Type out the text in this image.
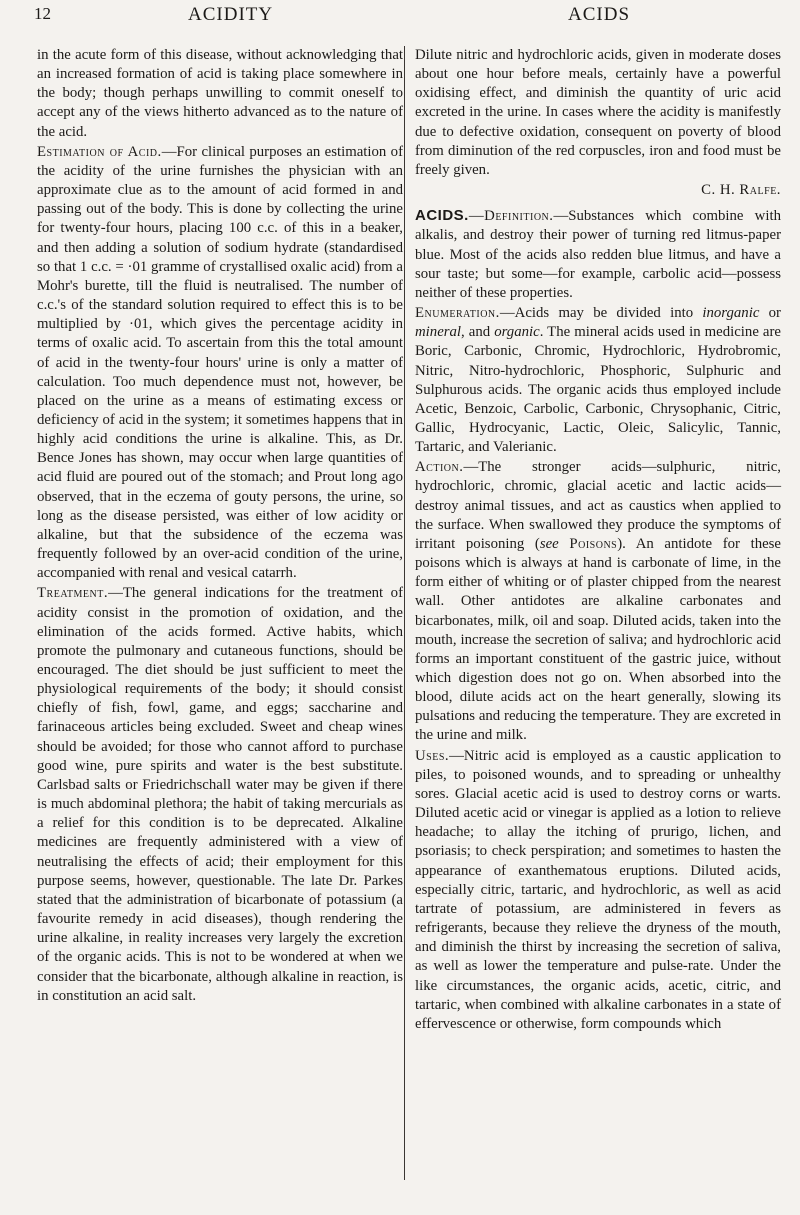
12	ACIDITY	ACIDS

in the acute form of this disease, without acknowledging that an increased formation of acid is taking place somewhere in the body; though perhaps unwilling to commit oneself to accept any of the views hitherto advanced as to the nature of the acid.

Estimation of Acid.—For clinical purposes an estimation of the acidity of the urine furnishes the physician with an approximate clue as to the amount of acid formed in and passing out of the body. This is done by collecting the urine for twenty-four hours, placing 100 c.c. of this in a beaker, and then adding a solution of sodium hydrate (standardised so that 1 c.c. = ·01 gramme of crystallised oxalic acid) from a Mohr's burette, till the fluid is neutralised. The number of c.c.'s of the standard solution required to effect this is to be multiplied by ·01, which gives the percentage acidity in terms of oxalic acid. To ascertain from this the total amount of acid in the twenty-four hours' urine is only a matter of calculation. Too much dependence must not, however, be placed on the urine as a means of estimating excess or deficiency of acid in the system; it sometimes happens that in highly acid conditions the urine is alkaline. This, as Dr. Bence Jones has shown, may occur when large quantities of acid fluid are poured out of the stomach; and Prout long ago observed, that in the eczema of gouty persons, the urine, so long as the disease persisted, was either of low acidity or alkaline, but that the subsidence of the eczema was frequently followed by an over-acid condition of the urine, accompanied with renal and vesical catarrh.

Treatment.—The general indications for the treatment of acidity consist in the promotion of oxidation, and the elimination of the acids formed. Active habits, which promote the pulmonary and cutaneous functions, should be encouraged. The diet should be just sufficient to meet the physiological requirements of the body; it should consist chiefly of fish, fowl, game, and eggs; saccharine and farinaceous articles being excluded. Sweet and cheap wines should be avoided; for those who cannot afford to purchase good wine, pure spirits and water is the best substitute. Carlsbad salts or Friedrichschall water may be given if there is much abdominal plethora; the habit of taking mercurials as a relief for this condition is to be deprecated. Alkaline medicines are frequently administered with a view of neutralising the effects of acid; their employment for this purpose seems, however, questionable. The late Dr. Parkes stated that the administration of bicarbonate of potassium (a favourite remedy in acid diseases), though rendering the urine alkaline, in reality increases very largely the excretion of the organic acids. This is not to be wondered at when we consider that the bicarbonate, although alkaline in reaction, is in constitution an acid salt.

Dilute nitric and hydrochloric acids, given in moderate doses about one hour before meals, certainly have a powerful oxidising effect, and diminish the quantity of uric acid excreted in the urine. In cases where the acidity is manifestly due to defective oxidation, consequent on poverty of blood from diminution of the red corpuscles, iron and food must be freely given.

C. H. Ralfe.

ACIDS.—Definition.—Substances which combine with alkalis, and destroy their power of turning red litmus-paper blue. Most of the acids also redden blue litmus, and have a sour taste; but some—for example, carbolic acid—possess neither of these properties.

Enumeration.—Acids may be divided into inorganic or mineral, and organic. The mineral acids used in medicine are Boric, Carbonic, Chromic, Hydrochloric, Hydrobromic, Nitric, Nitro-hydrochloric, Phosphoric, Sulphuric and Sulphurous acids. The organic acids thus employed include Acetic, Benzoic, Carbolic, Carbonic, Chrysophanic, Citric, Gallic, Hydrocyanic, Lactic, Oleic, Salicylic, Tannic, Tartaric, and Valerianic.

Action.—The stronger acids—sulphuric, nitric, hydrochloric, chromic, glacial acetic and lactic acids—destroy animal tissues, and act as caustics when applied to the surface. When swallowed they produce the symptoms of irritant poisoning (see Poisons). An antidote for these poisons which is always at hand is carbonate of lime, in the form either of whiting or of plaster chipped from the nearest wall. Other antidotes are alkaline carbonates and bicarbonates, milk, oil and soap. Diluted acids, taken into the mouth, increase the secretion of saliva; and hydrochloric acid forms an important constituent of the gastric juice, without which digestion does not go on. When absorbed into the blood, dilute acids act on the heart generally, slowing its pulsations and reducing the temperature. They are excreted in the urine and milk.

Uses.—Nitric acid is employed as a caustic application to piles, to poisoned wounds, and to spreading or unhealthy sores. Glacial acetic acid is used to destroy corns or warts. Diluted acetic acid or vinegar is applied as a lotion to relieve headache; to allay the itching of prurigo, lichen, and psoriasis; to check perspiration; and sometimes to hasten the appearance of exanthematous eruptions. Diluted acids, especially citric, tartaric, and hydrochloric, as well as acid tartrate of potassium, are administered in fevers as refrigerants, because they relieve the dryness of the mouth, and diminish the thirst by increasing the secretion of saliva, as well as lower the temperature and pulse-rate. Under the like circumstances, the organic acids, acetic, citric, and tartaric, when combined with alkaline carbonates in a state of effervescence or otherwise, form compounds which
